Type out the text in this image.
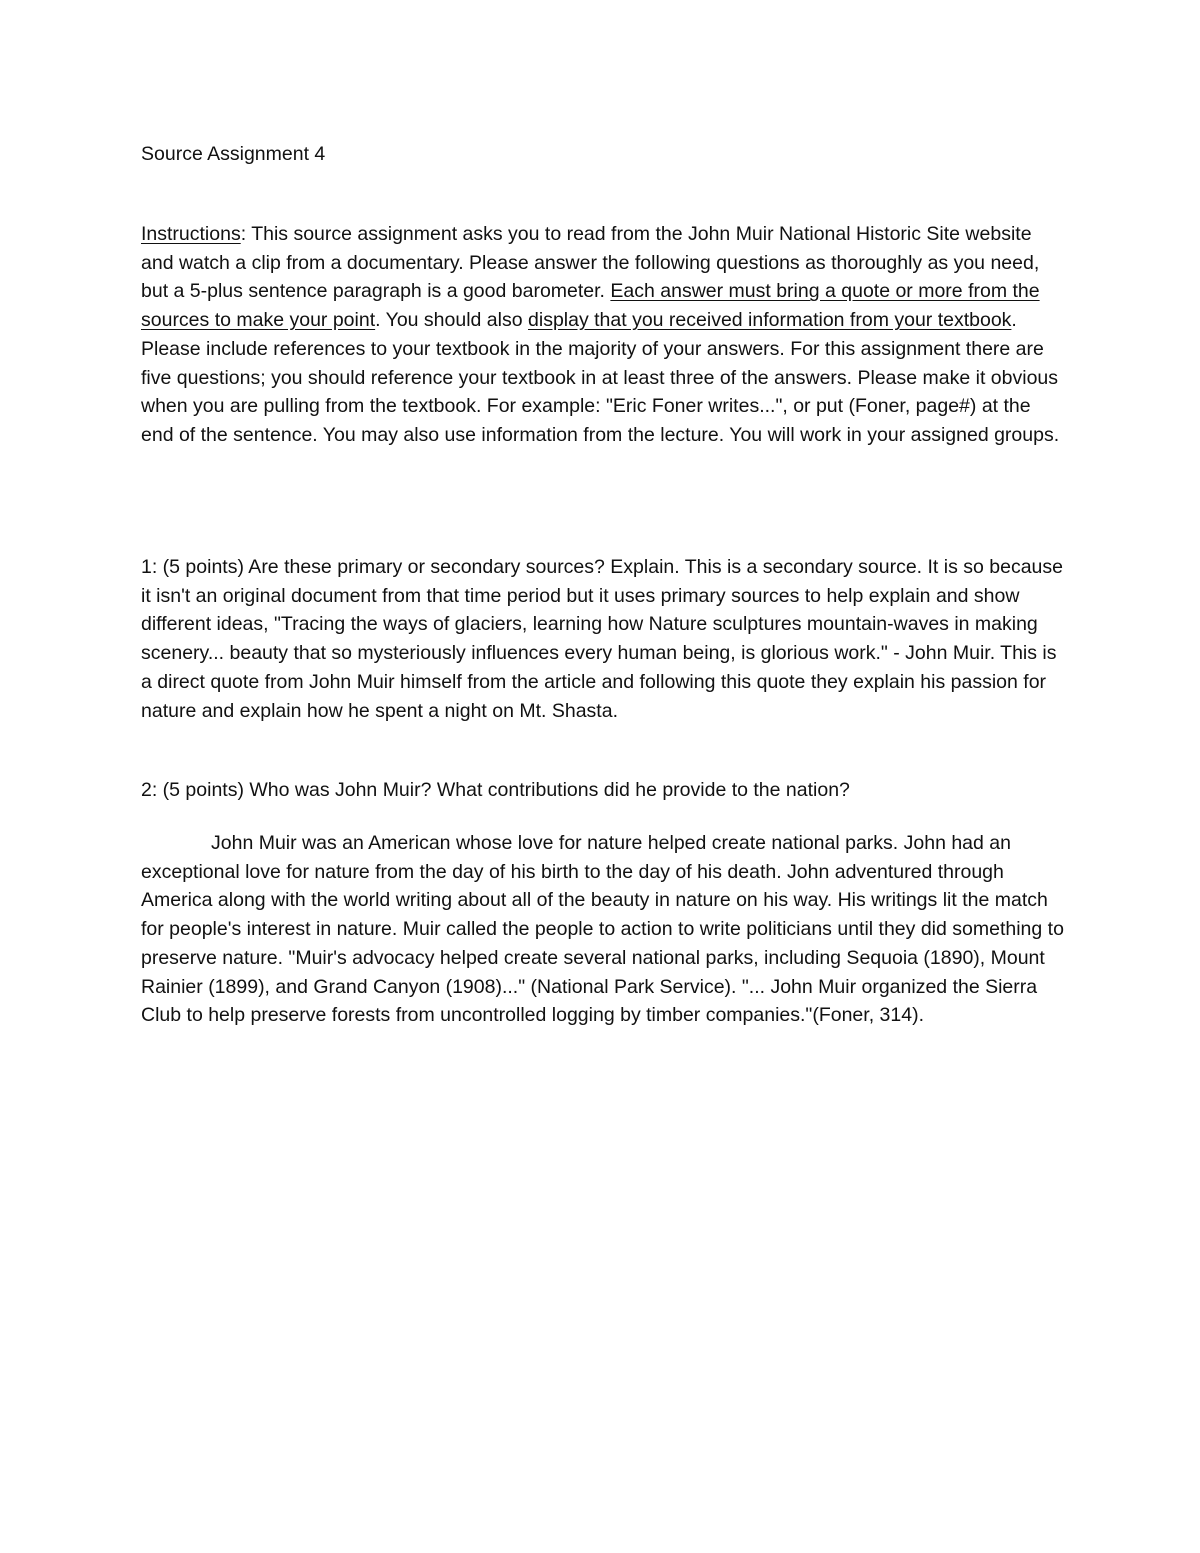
Source Assignment 4
Instructions: This source assignment asks you to read from the John Muir National Historic Site website and watch a clip from a documentary. Please answer the following questions as thoroughly as you need, but a 5-plus sentence paragraph is a good barometer. Each answer must bring a quote or more from the sources to make your point. You should also display that you received information from your textbook. Please include references to your textbook in the majority of your answers. For this assignment there are five questions; you should reference your textbook in at least three of the answers. Please make it obvious when you are pulling from the textbook. For example: "Eric Foner writes...", or put (Foner, page#) at the end of the sentence. You may also use information from the lecture. You will work in your assigned groups.
1: (5 points) Are these primary or secondary sources? Explain. This is a secondary source. It is so because it isn't an original document from that time period but it uses primary sources to help explain and show different ideas, "Tracing the ways of glaciers, learning how Nature sculptures mountain-waves in making scenery... beauty that so mysteriously influences every human being, is glorious work." - John Muir. This is a direct quote from John Muir himself from the article and following this quote they explain his passion for nature and explain how he spent a night on Mt. Shasta.
2: (5 points) Who was John Muir? What contributions did he provide to the nation?
John Muir was an American whose love for nature helped create national parks. John had an exceptional love for nature from the day of his birth to the day of his death. John adventured through America along with the world writing about all of the beauty in nature on his way. His writings lit the match for people's interest in nature. Muir called the people to action to write politicians until they did something to preserve nature. "Muir's advocacy helped create several national parks, including Sequoia (1890), Mount Rainier (1899), and Grand Canyon (1908)..." (National Park Service). "... John Muir organized the Sierra Club to help preserve forests from uncontrolled logging by timber companies."(Foner, 314).
